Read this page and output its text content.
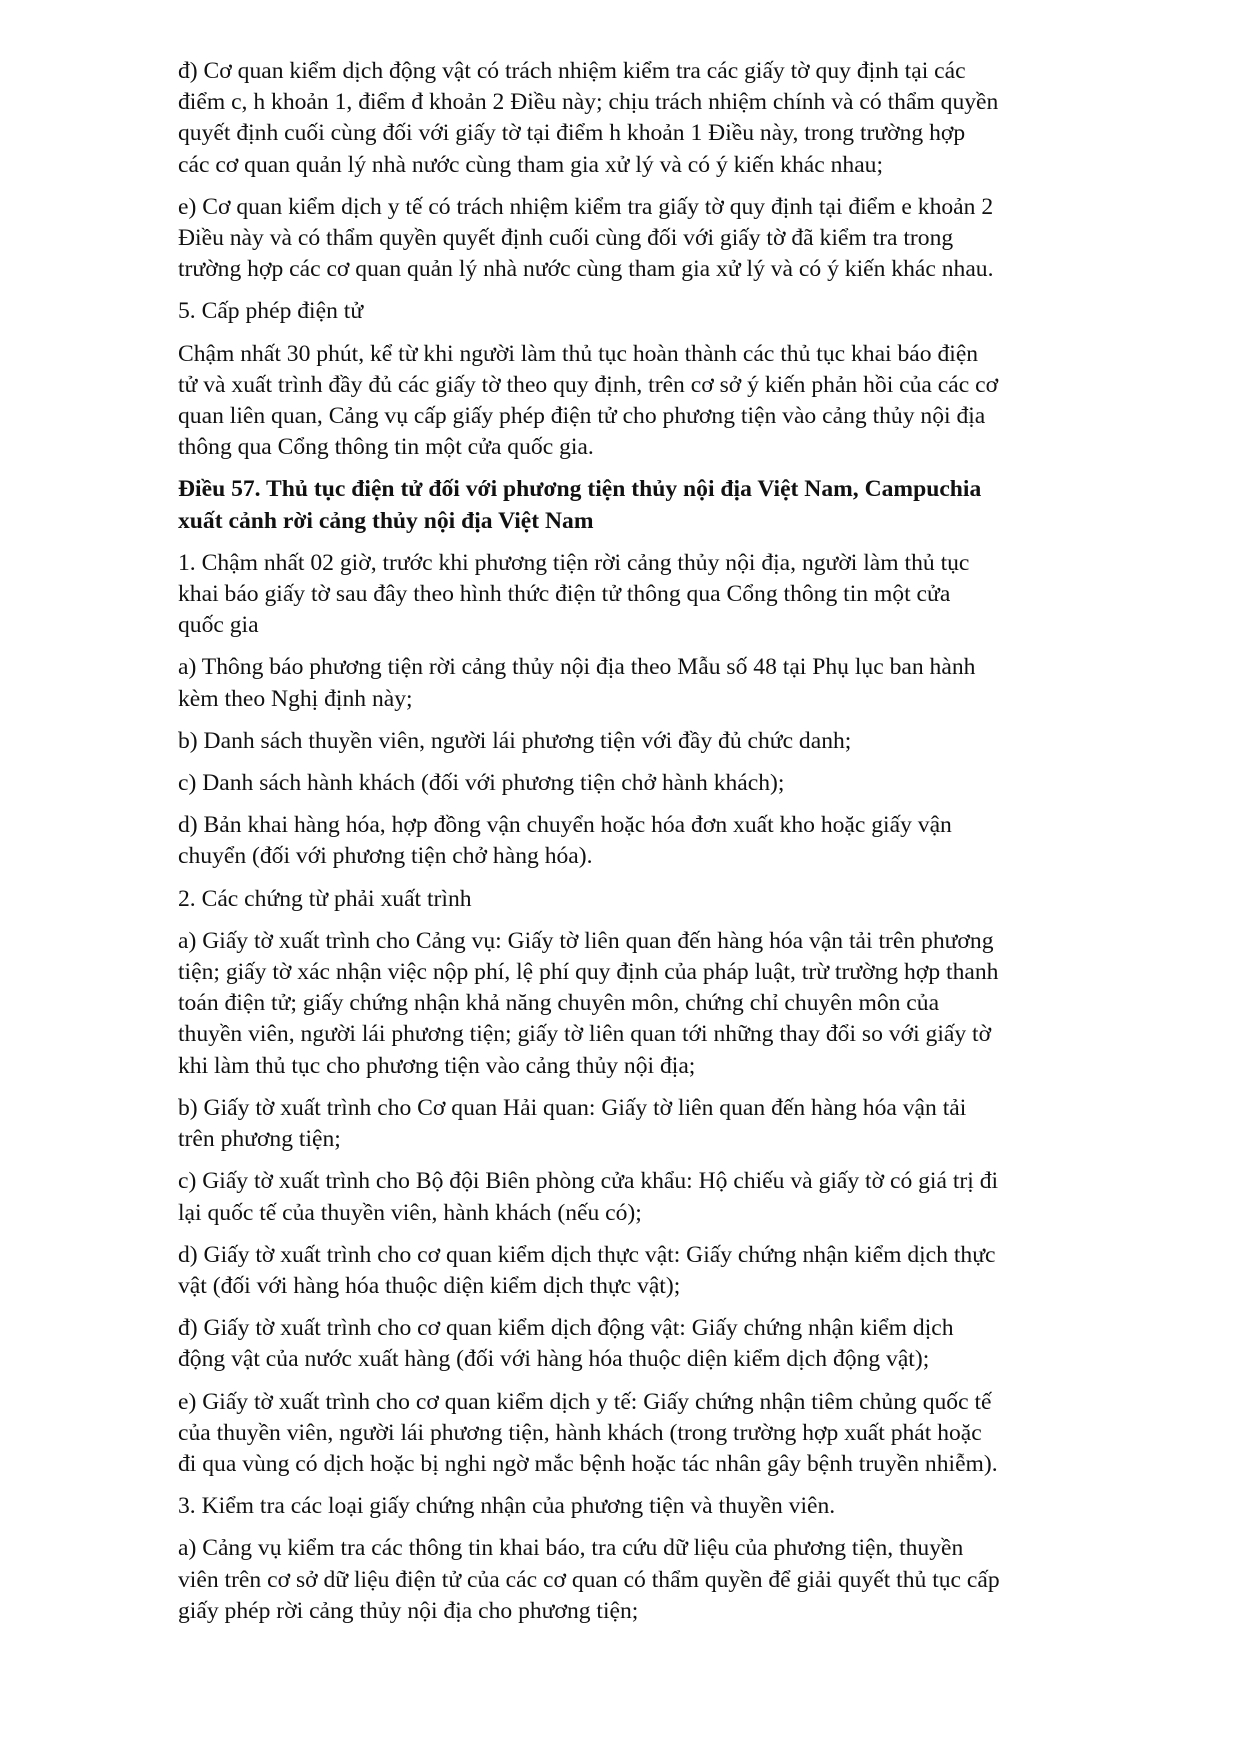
đ) Cơ quan kiểm dịch động vật có trách nhiệm kiểm tra các giấy tờ quy định tại các
điểm c, h khoản 1, điểm đ khoản 2 Điều này; chịu trách nhiệm chính và có thẩm quyền
quyết định cuối cùng đối với giấy tờ tại điểm h khoản 1 Điều này, trong trường hợp
các cơ quan quản lý nhà nước cùng tham gia xử lý và có ý kiến khác nhau;
e) Cơ quan kiểm dịch y tế có trách nhiệm kiểm tra giấy tờ quy định tại điểm e khoản 2
Điều này và có thẩm quyền quyết định cuối cùng đối với giấy tờ đã kiểm tra trong
trường hợp các cơ quan quản lý nhà nước cùng tham gia xử lý và có ý kiến khác nhau.
5. Cấp phép điện tử
Chậm nhất 30 phút, kể từ khi người làm thủ tục hoàn thành các thủ tục khai báo điện
tử và xuất trình đầy đủ các giấy tờ theo quy định, trên cơ sở ý kiến phản hồi của các cơ
quan liên quan, Cảng vụ cấp giấy phép điện tử cho phương tiện vào cảng thủy nội địa
thông qua Cổng thông tin một cửa quốc gia.
Điều 57. Thủ tục điện tử đối với phương tiện thủy nội địa Việt Nam, Campuchia
xuất cảnh rời cảng thủy nội địa Việt Nam
1. Chậm nhất 02 giờ, trước khi phương tiện rời cảng thủy nội địa, người làm thủ tục
khai báo giấy tờ sau đây theo hình thức điện tử thông qua Cổng thông tin một cửa
quốc gia
a) Thông báo phương tiện rời cảng thủy nội địa theo Mẫu số 48 tại Phụ lục ban hành
kèm theo Nghị định này;
b) Danh sách thuyền viên, người lái phương tiện với đầy đủ chức danh;
c) Danh sách hành khách (đối với phương tiện chở hành khách);
d) Bản khai hàng hóa, hợp đồng vận chuyển hoặc hóa đơn xuất kho hoặc giấy vận
chuyển (đối với phương tiện chở hàng hóa).
2. Các chứng từ phải xuất trình
a) Giấy tờ xuất trình cho Cảng vụ: Giấy tờ liên quan đến hàng hóa vận tải trên phương
tiện; giấy tờ xác nhận việc nộp phí, lệ phí quy định của pháp luật, trừ trường hợp thanh
toán điện tử; giấy chứng nhận khả năng chuyên môn, chứng chỉ chuyên môn của
thuyền viên, người lái phương tiện; giấy tờ liên quan tới những thay đổi so với giấy tờ
khi làm thủ tục cho phương tiện vào cảng thủy nội địa;
b) Giấy tờ xuất trình cho Cơ quan Hải quan: Giấy tờ liên quan đến hàng hóa vận tải
trên phương tiện;
c) Giấy tờ xuất trình cho Bộ đội Biên phòng cửa khẩu: Hộ chiếu và giấy tờ có giá trị đi
lại quốc tế của thuyền viên, hành khách (nếu có);
d) Giấy tờ xuất trình cho cơ quan kiểm dịch thực vật: Giấy chứng nhận kiểm dịch thực
vật (đối với hàng hóa thuộc diện kiểm dịch thực vật);
đ) Giấy tờ xuất trình cho cơ quan kiểm dịch động vật: Giấy chứng nhận kiểm dịch
động vật của nước xuất hàng (đối với hàng hóa thuộc diện kiểm dịch động vật);
e) Giấy tờ xuất trình cho cơ quan kiểm dịch y tế: Giấy chứng nhận tiêm chủng quốc tế
của thuyền viên, người lái phương tiện, hành khách (trong trường hợp xuất phát hoặc
đi qua vùng có dịch hoặc bị nghi ngờ mắc bệnh hoặc tác nhân gây bệnh truyền nhiễm).
3. Kiểm tra các loại giấy chứng nhận của phương tiện và thuyền viên.
a) Cảng vụ kiểm tra các thông tin khai báo, tra cứu dữ liệu của phương tiện, thuyền
viên trên cơ sở dữ liệu điện tử của các cơ quan có thẩm quyền để giải quyết thủ tục cấp
giấy phép rời cảng thủy nội địa cho phương tiện;
